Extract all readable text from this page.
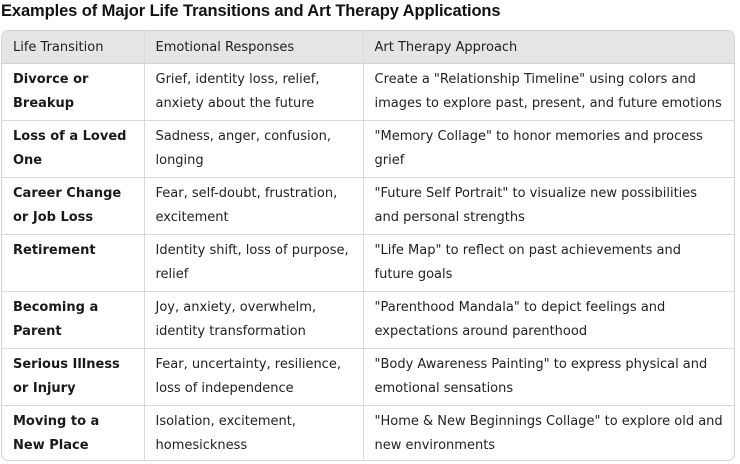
Examples of Major Life Transitions and Art Therapy Applications
Life Transition	Emotional Responses	Art Therapy Approach
Divorce or Breakup	Grief, identity loss, relief, anxiety about the future	Create a "Relationship Timeline" using colors and images to explore past, present, and future emotions
Loss of a Loved One	Sadness, anger, confusion, longing	"Memory Collage" to honor memories and process grief
Career Change or Job Loss	Fear, self-doubt, frustration, excitement	"Future Self Portrait" to visualize new possibilities and personal strengths
Retirement	Identity shift, loss of purpose, relief	"Life Map" to reflect on past achievements and future goals
Becoming a Parent	Joy, anxiety, overwhelm, identity transformation	"Parenthood Mandala" to depict feelings and expectations around parenthood
Serious Illness or Injury	Fear, uncertainty, resilience, loss of independence	"Body Awareness Painting" to express physical and emotional sensations
Moving to a New Place	Isolation, excitement, homesickness	"Home & New Beginnings Collage" to explore old and new environments
